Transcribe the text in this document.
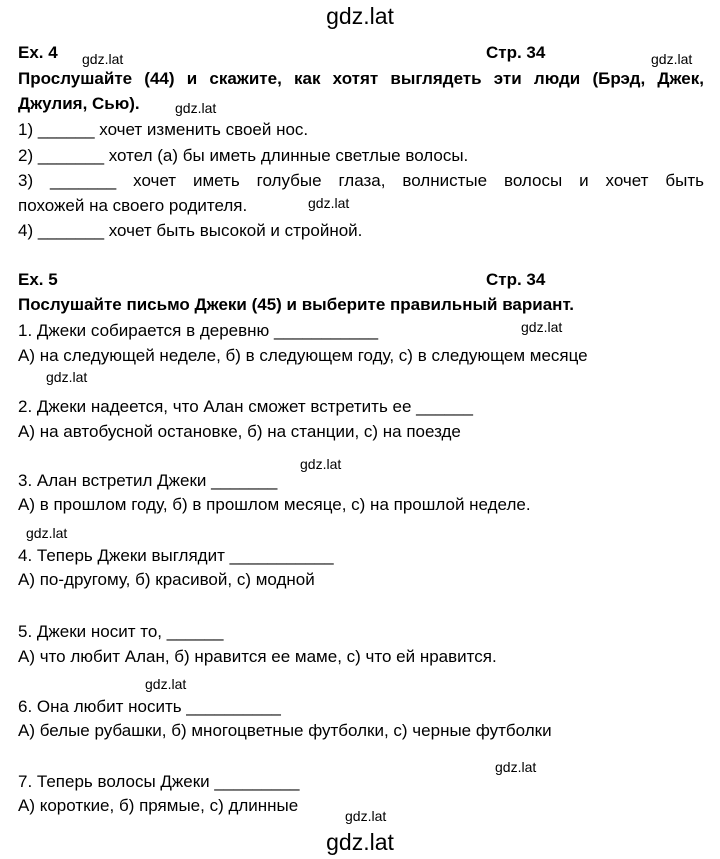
gdz.lat
Ex. 4	Стр. 34
Прослушайте (44) и скажите, как хотят выглядеть эти люди (Брэд, Джек,
Джулия, Сью).
1) ______ хочет изменить своей нос.
2) _______ хотел (а) бы иметь длинные светлые волосы.
3) _______ хочет иметь голубые глаза, волнистые волосы и хочет быть
похожей на своего родителя.
4) _______ хочет быть высокой и стройной.
Ex. 5	Стр. 34
Послушайте письмо Джеки (45) и выберите правильный вариант.
1. Джеки собирается в деревню ___________
А) на следующей неделе, б) в следующем году, с) в следующем месяце
2. Джеки надеется, что Алан сможет встретить ее ______
А) на автобусной остановке, б) на станции, с) на поезде
3. Алан встретил Джеки _______
А) в прошлом году, б) в прошлом месяце, с) на прошлой неделе.
4. Теперь Джеки выглядит ___________
А) по-другому, б) красивой, с) модной
5. Джеки носит то, ______
А) что любит Алан, б) нравится ее маме, с) что ей нравится.
6. Она любит носить __________
А) белые рубашки, б) многоцветные футболки, с) черные футболки
7. Теперь волосы Джеки _________
А) короткие, б) прямые, с) длинные
gdz.lat	gdz.lat
gdz.lat
gdz.lat
gdz.lat
gdz.lat
gdz.lat
gdz.lat
gdz.lat
gdz.lat
gdz.lat
gdz.lat
